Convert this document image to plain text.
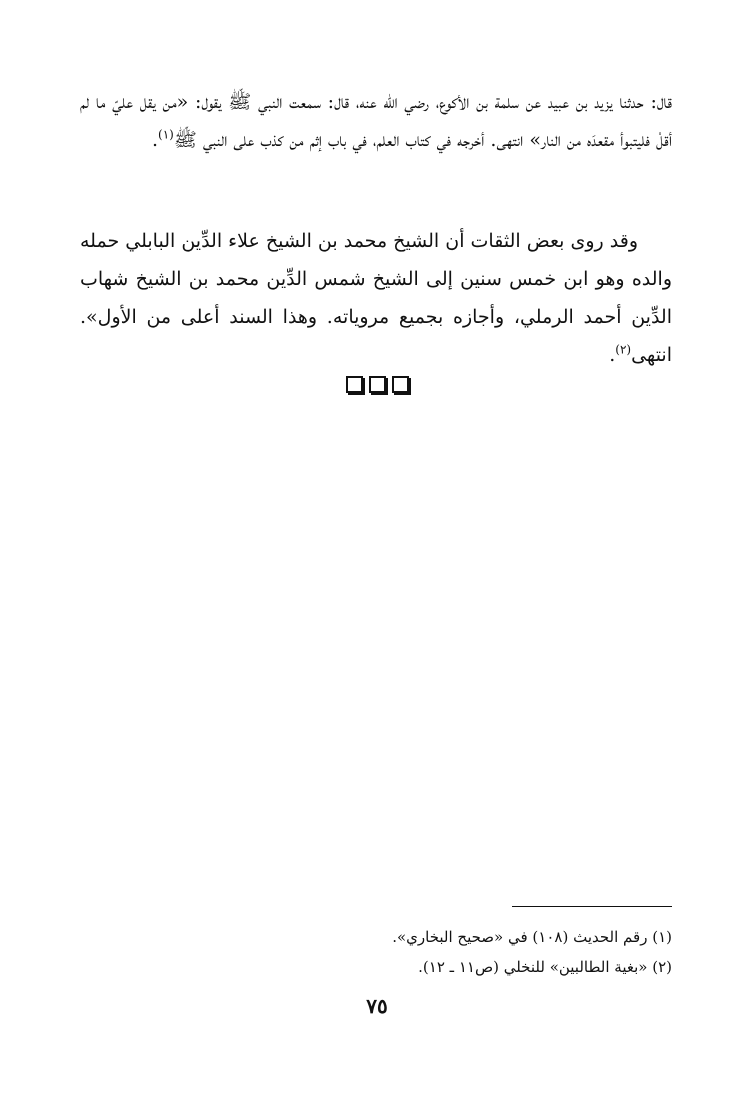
قال: حدثنا يزيد بن عبيد عن سلمة بن الأكوع، رضي الله عنه، قال: سمعت النبي ﷺ يقول: «من يقل عليّ ما لم أقلْ فليتبوأ مقعدَه من النار» انتهى. أخرجه في كتاب العلم، في باب إثم من كذب على النبي ﷺ$^{(١)}$.

وقد روى بعض الثقات أن الشيخ محمد بن الشيخ علاء الدِّين البابلي حمله والده وهو ابن خمس سنين إلى الشيخ شمس الدِّين محمد بن الشيخ شهاب الدِّين أحمد الرملي، وأجازه بجميع مروياته. وهذا السند أعلى من الأول». انتهى$^{(٢)}$.

(١) رقم الحديث (١٠٨) في «صحيح البخاري».
(٢) «بغية الطالبين» للنخلي (ص١١ ـ ١٢).
٧٥
